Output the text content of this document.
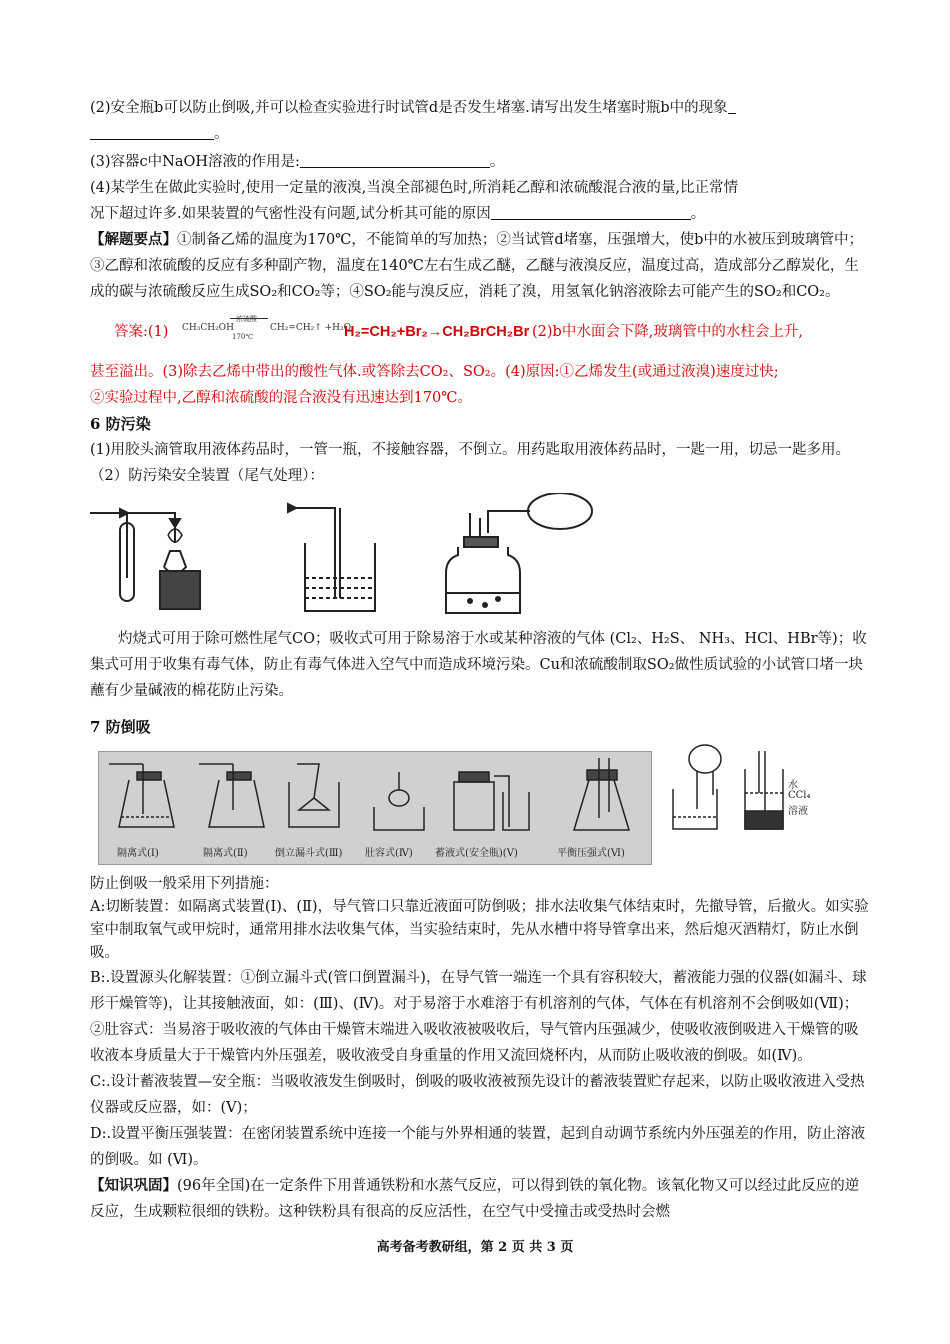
(2)安全瓶b可以防止倒吸,并可以检查实验进行时试管d是否发生堵塞.请写出发生堵塞时瓶b中的现象
。

(3)容器c中NaOH溶液的作用是:	。

(4)某学生在做此实验时,使用一定量的液溴,当溴全部褪色时,所消耗乙醇和浓硫酸混合液的量,比正常情
况下超过许多.如果装置的气密性没有问题,试分析其可能的原因	。

【解题要点】①制备乙烯的温度为170℃，不能简单的写加热；②当试管d堵塞，压强增大，使b中的水被压到玻璃管中；③乙醇和浓硫酸的反应有多种副产物，温度在140℃左右生成乙醚，乙醚与液溴反应，温度过高，造成部分乙醇炭化，生成的碳与浓硫酸反应生成SO₂和CO₂等；④SO₂能与溴反应，消耗了溴，用氢氧化钠溶液除去可能产生的SO₂和CO₂。

答案:(1) CH₃CH₂OH
浓硫酸
170℃
CH₂=CH₂↑ +H₂O
H₂=CH₂+Br₂→CH₂BrCH₂Br (2)b中水面会下降,玻璃管中的水柱会上升,

甚至溢出。(3)除去乙烯中带出的酸性气体.或答除去CO₂、SO₂。(4)原因:①乙烯发生(或通过液溴)速度过快;

②实验过程中,乙醇和浓硫酸的混合液没有迅速达到170℃。

6 防污染

(1)用胶头滴管取用液体药品时，一管一瓶，不接触容器，不倒立。用药匙取用液体药品时，一匙一用，切忌一匙多用。

（2）防污染安全装置（尾气处理）：

灼烧式可用于除可燃性尾气CO；吸收式可用于除易溶于水或某种溶液的气体 (Cl₂、H₂S、 NH₃、HCl、HBr等)；收集式可用于收集有毒气体，防止有毒气体进入空气中而造成环境污染。Cu和浓硫酸制取SO₂做性质试验的小试管口堵一块蘸有少量碱液的棉花防止污染。

7 防倒吸

隔离式(Ⅰ)	隔离式(Ⅱ)	倒立漏斗式(Ⅲ) 肚容式(Ⅳ) 蓄液式(安全瓶)(Ⅴ)	平衡压强式(Ⅵ)
水
CCl₄
溶液

防止倒吸一般采用下列措施：

A:切断装置：如隔离式装置(Ⅰ)、(Ⅱ)，导气管口只靠近液面可防倒吸；排水法收集气体结束时，先撤导管，后撤火。如实验室中制取氧气或甲烷时，通常用排水法收集气体，当实验结束时，先从水槽中将导管拿出来，然后熄灭酒精灯，防止水倒吸。

B:.设置源头化解装置：①倒立漏斗式(管口倒置漏斗)，在导气管一端连一个具有容积较大，蓄液能力强的仪器(如漏斗、球形干燥管等)，让其接触液面，如：(Ⅲ)、(Ⅳ)。对于易溶于水难溶于有机溶剂的气体，气体在有机溶剂不会倒吸如(Ⅶ)；②肚容式：当易溶于吸收液的气体由干燥管末端进入吸收液被吸收后，导气管内压强减少，使吸收液倒吸进入干燥管的吸收液本身质量大于干燥管内外压强差，吸收液受自身重量的作用又流回烧杯内，从而防止吸收液的倒吸。如(Ⅳ)。

C:.设计蓄液装置—安全瓶：当吸收液发生倒吸时，倒吸的吸收液被预先设计的蓄液装置贮存起来，以防止吸收液进入受热仪器或反应器，如：(Ⅴ)；

D:.设置平衡压强装置：在密闭装置系统中连接一个能与外界相通的装置，起到自动调节系统内外压强差的作用，防止溶液的倒吸。如 (Ⅵ)。

【知识巩固】(96年全国)在一定条件下用普通铁粉和水蒸气反应，可以得到铁的氧化物。该氧化物又可以经过此反应的逆反应，生成颗粒很细的铁粉。这种铁粉具有很高的反应活性，在空气中受撞击或受热时会燃

高考备考教研组，第 2 页 共 3 页
